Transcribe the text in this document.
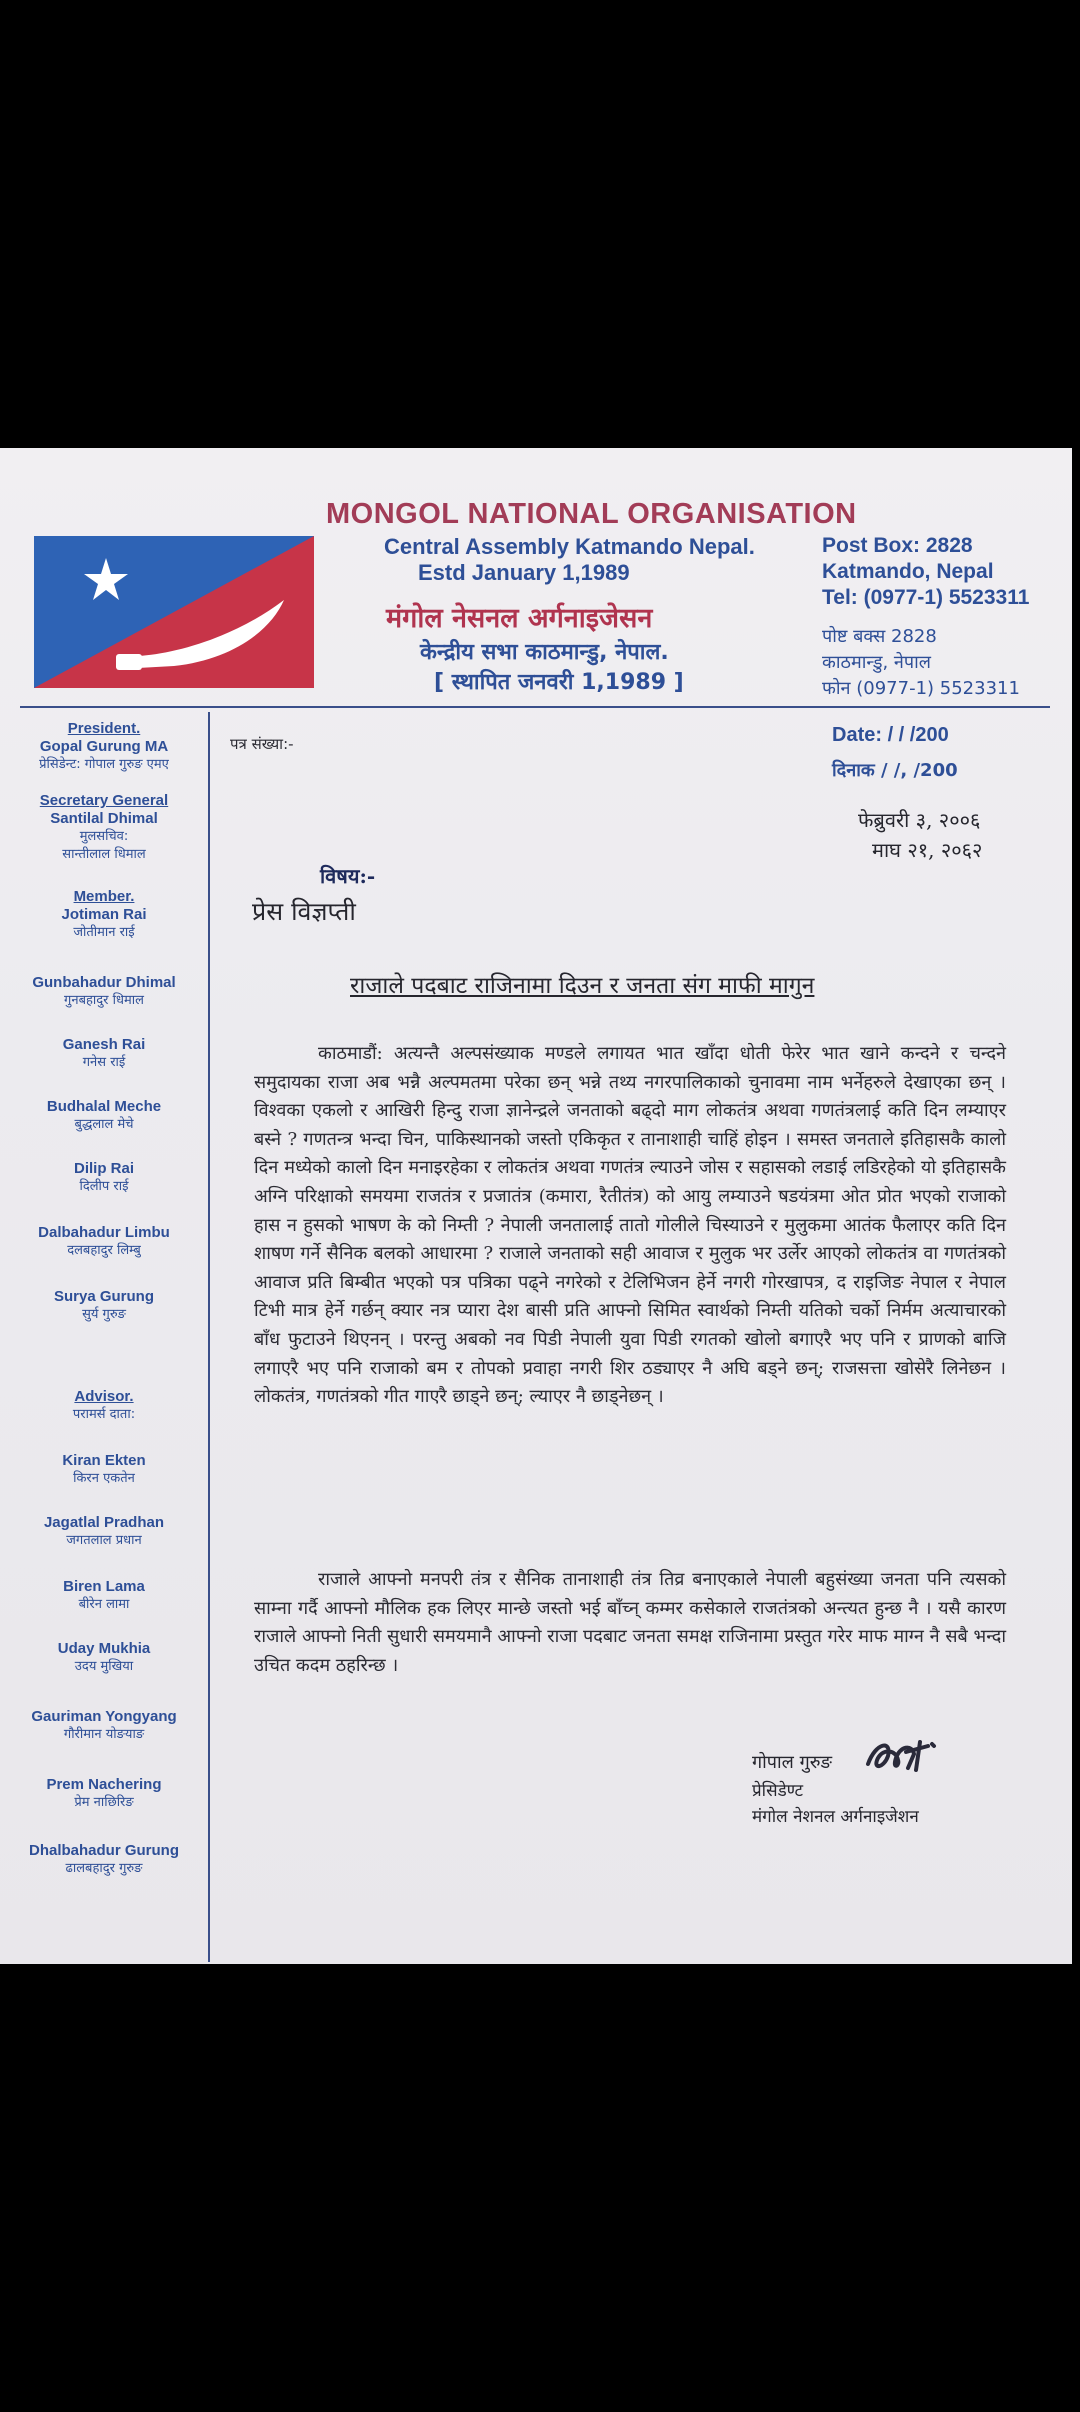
MONGOL NATIONAL ORGANISATION
Central Assembly Katmando Nepal.
Estd January 1,1989
मंगोल नेसनल अर्गनाइजेसन
केन्द्रीय सभा काठमान्डु, नेपाल.
[ स्थापित जनवरी 1,1989 ]
Post Box: 2828
Katmando, Nepal
Tel: (0977-1) 5523311
पोष्ट बक्स 2828
काठमान्डु, नेपाल
फोन (0977-1) 5523311
President.
Gopal Gurung MA
प्रेसिडेन्ट: गोपाल गुरुङ एमए
Secretary General
Santilal Dhimal
मुलसचिव:
सान्तीलाल धिमाल
Member.
Jotiman Rai
जोतीमान राई
Gunbahadur Dhimal
गुनबहादुर धिमाल
Ganesh Rai
गनेस राई
Budhalal Meche
बुद्धलाल मेचे
Dilip Rai
दिलीप राई
Dalbahadur Limbu
दलबहादुर लिम्बु
Surya Gurung
सुर्य गुरुङ
Advisor.
परामर्स दाता:
Kiran Ekten
किरन एकतेन
Jagatlal Pradhan
जगतलाल प्रधान
Biren Lama
बीरेन लामा
Uday Mukhia
उदय मुखिया
Gauriman Yongyang
गौरीमान योङयाङ
Prem Nachering
प्रेम नाछिरिङ
Dhalbahadur Gurung
ढालबहादुर गुरुङ
पत्र संख्या:-	Date: / / /200
दिनाक / /, /200
फेब्रुवरी ३, २००६
माघ २१, २०६२
विषय:-
प्रेस विज्ञप्ती
राजाले पदबाट राजिनामा दिउन र जनता संग माफी मागुन
काठमाडौं: अत्यन्तै अल्पसंख्याक मण्डले लगायत भात खाँदा धोती फेरेर भात खाने कन्दने र चन्दने समुदायका राजा अब भन्नै अल्पमतमा परेका छन् भन्ने तथ्य नगरपालिकाको चुनावमा नाम भर्नेहरुले देखाएका छन् । विश्वका एकलो र आखिरी हिन्दु राजा ज्ञानेन्द्रले जनताको बढ्दो माग लोकतंत्र अथवा गणतंत्रलाई कति दिन लम्याएर बस्ने ? गणतन्त्र भन्दा चिन, पाकिस्थानको जस्तो एकिकृत र तानाशाही चाहिं होइन । समस्त जनताले इतिहासकै कालो दिन मध्येको कालो दिन मनाइरहेका र लोकतंत्र अथवा गणतंत्र ल्याउने जोस र सहासको लडाई लडिरहेको यो इतिहासकै अग्नि परिक्षाको समयमा राजतंत्र र प्रजातंत्र (कमारा, रैतीतंत्र) को आयु लम्याउने षडयंत्रमा ओत प्रोत भएको राजाको हास न हुसको भाषण के को निम्ती ? नेपाली जनतालाई तातो गोलीले चिस्याउने र मुलुकमा आतंक फैलाएर कति दिन शाषण गर्ने सैनिक बलको आधारमा ? राजाले जनताको सही आवाज र मुलुक भर उर्लेर आएको लोकतंत्र वा गणतंत्रको आवाज प्रति बिम्बीत भएको पत्र पत्रिका पढ्ने नगरेको र टेलिभिजन हेर्ने नगरी गोरखापत्र, द राइजिङ नेपाल र नेपाल टिभी मात्र हेर्ने गर्छन् क्यार नत्र प्यारा देश बासी प्रति आफ्नो सिमित स्वार्थको निम्ती यतिको चर्को निर्मम अत्याचारको बाँध फुटाउने थिएनन् । परन्तु अबको नव पिडी नेपाली युवा पिडी रगतको खोलो बगाएरै भए पनि र प्राणको बाजि लगाएरै भए पनि राजाको बम र तोपको प्रवाहा नगरी शिर ठड्याएर नै अघि बड्ने छन्; राजसत्ता खोसेरै लिनेछन । लोकतंत्र, गणतंत्रको गीत गाएरै छाड्ने छन्; ल्याएर नै छाड्नेछन् ।
राजाले आफ्नो मनपरी तंत्र र सैनिक तानाशाही तंत्र तिव्र बनाएकाले नेपाली बहुसंख्या जनता पनि त्यसको साम्ना गर्दै आफ्नो मौलिक हक लिएर मान्छे जस्तो भई बाँच्न् कम्मर कसेकाले राजतंत्रको अन्त्यत हुन्छ नै । यसै कारण राजाले आफ्नो निती सुधारी समयमानै आफ्नो राजा पदबाट जनता समक्ष राजिनामा प्रस्तुत गरेर माफ माग्न नै सबै भन्दा उचित कदम ठहरिन्छ ।
गोपाल गुरुङ
प्रेसिडेण्ट
मंगोल नेशनल अर्गनाइजेशन
